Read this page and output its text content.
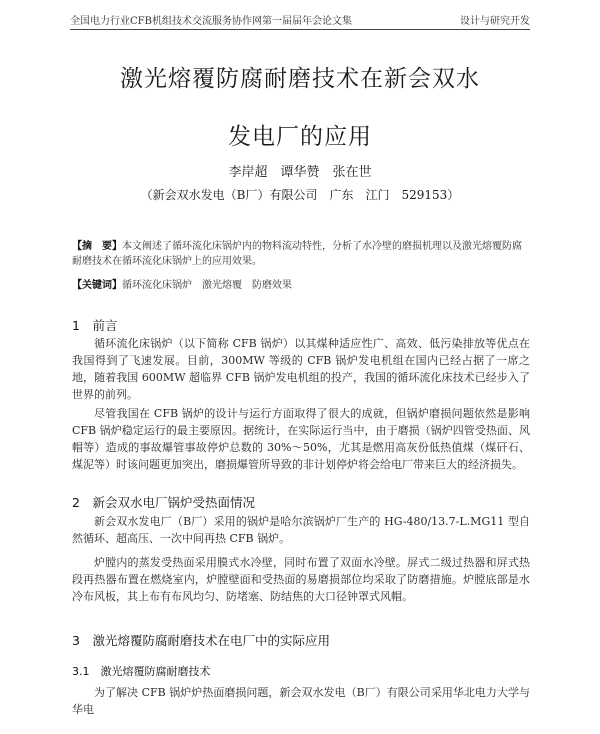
全国电力行业CFB机组技术交流服务协作网第一届届年会论文集	设计与研究开发
激光熔覆防腐耐磨技术在新会双水
发电厂的应用
李岸超　谭华赞　张在世
（新会双水发电（B厂）有限公司　广东　江门　529153）
【摘　要】本文阐述了循环流化床锅炉内的物料流动特性，分析了水冷壁的磨损机理以及激光熔覆防腐耐磨技术在循环流化床锅炉上的应用效果。
【关键词】循环流化床锅炉　激光熔覆　防磨效果
1　前言

循环流化床锅炉（以下简称 CFB 锅炉）以其煤种适应性广、高效、低污染排放等优点在我国得到了飞速发展。目前，300MW 等级的 CFB 锅炉发电机组在国内已经占据了一席之地，随着我国 600MW 超临界 CFB 锅炉发电机组的投产，我国的循环流化床技术已经步入了世界的前列。

尽管我国在 CFB 锅炉的设计与运行方面取得了很大的成就，但锅炉磨损问题依然是影响 CFB 锅炉稳定运行的最主要原因。据统计，在实际运行当中，由于磨损（锅炉四管受热面、风帽等）造成的事故爆管事故停炉总数的 30%～50%，尤其是燃用高灰份低热值煤（煤矸石、煤泥等）时该问题更加突出，磨损爆管所导致的非计划停炉将会给电厂带来巨大的经济损失。

2　新会双水电厂锅炉受热面情况

新会双水发电厂（B厂）采用的锅炉是哈尔滨锅炉厂生产的 HG-480/13.7-L.MG11 型自然循环、超高压、一次中间再热 CFB 锅炉。

炉膛内的蒸发受热面采用膜式水冷壁，同时布置了双面水冷壁。屏式二级过热器和屏式热段再热器布置在燃烧室内，炉膛壁面和受热面的易磨损部位均采取了防磨措施。炉膛底部是水冷布风板，其上布有布风均匀、防堵塞、防结焦的大口径钟罩式风帽。

3　激光熔覆防腐耐磨技术在电厂中的实际应用
3.1　激光熔覆防腐耐磨技术

为了解决 CFB 锅炉炉热面磨损问题，新会双水发电（B厂）有限公司采用华北电力大学与华电
